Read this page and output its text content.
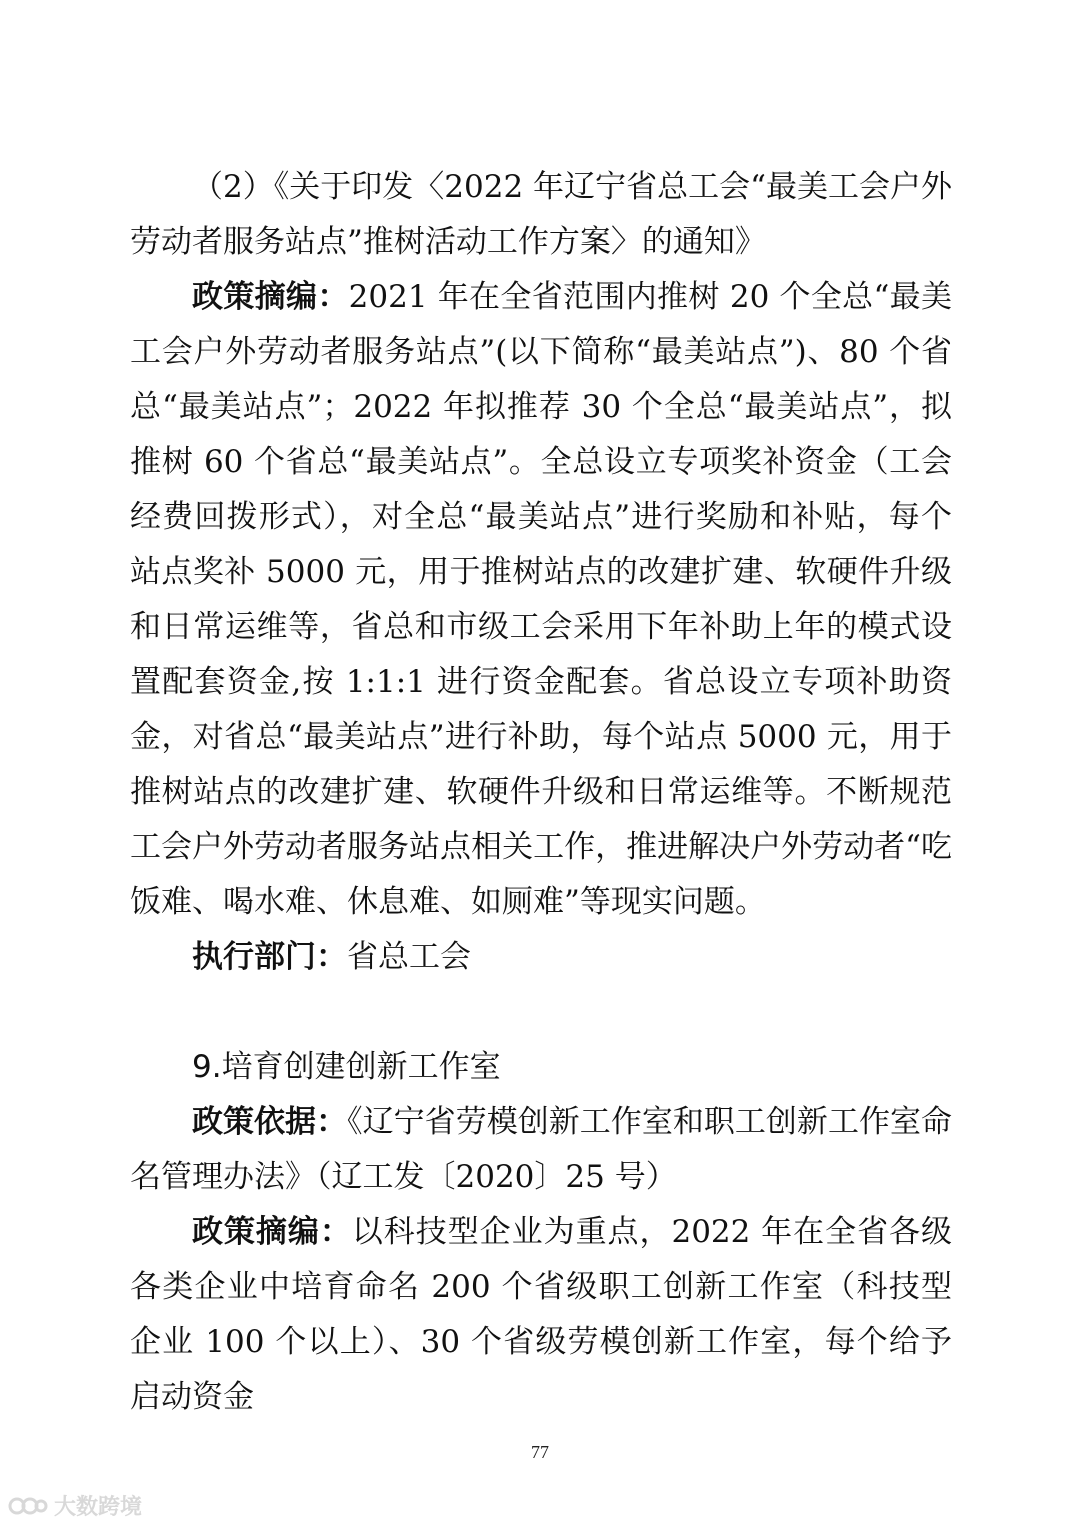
（2）《关于印发〈2022 年辽宁省总工会“最美工会户外劳动者服务站点”推树活动工作方案〉的通知》

政策摘编：2021 年在全省范围内推树 20 个全总“最美工会户外劳动者服务站点”(以下简称“最美站点”)、80 个省总“最美站点”；2022 年拟推荐 30 个全总“最美站点”，拟推树 60 个省总“最美站点”。全总设立专项奖补资金（工会经费回拨形式），对全总“最美站点”进行奖励和补贴，每个站点奖补 5000 元，用于推树站点的改建扩建、软硬件升级和日常运维等，省总和市级工会采用下年补助上年的模式设置配套资金,按 1:1:1 进行资金配套。省总设立专项补助资金，对省总“最美站点”进行补助，每个站点 5000 元，用于推树站点的改建扩建、软硬件升级和日常运维等。不断规范工会户外劳动者服务站点相关工作，推进解决户外劳动者“吃饭难、喝水难、休息难、如厕难”等现实问题。

执行部门：省总工会

9.培育创建创新工作室

政策依据：《辽宁省劳模创新工作室和职工创新工作室命名管理办法》（辽工发〔2020〕25 号）

政策摘编：以科技型企业为重点，2022 年在全省各级各类企业中培育命名 200 个省级职工创新工作室（科技型企业 100 个以上）、30 个省级劳模创新工作室，每个给予启动资金

77
大数跨境
